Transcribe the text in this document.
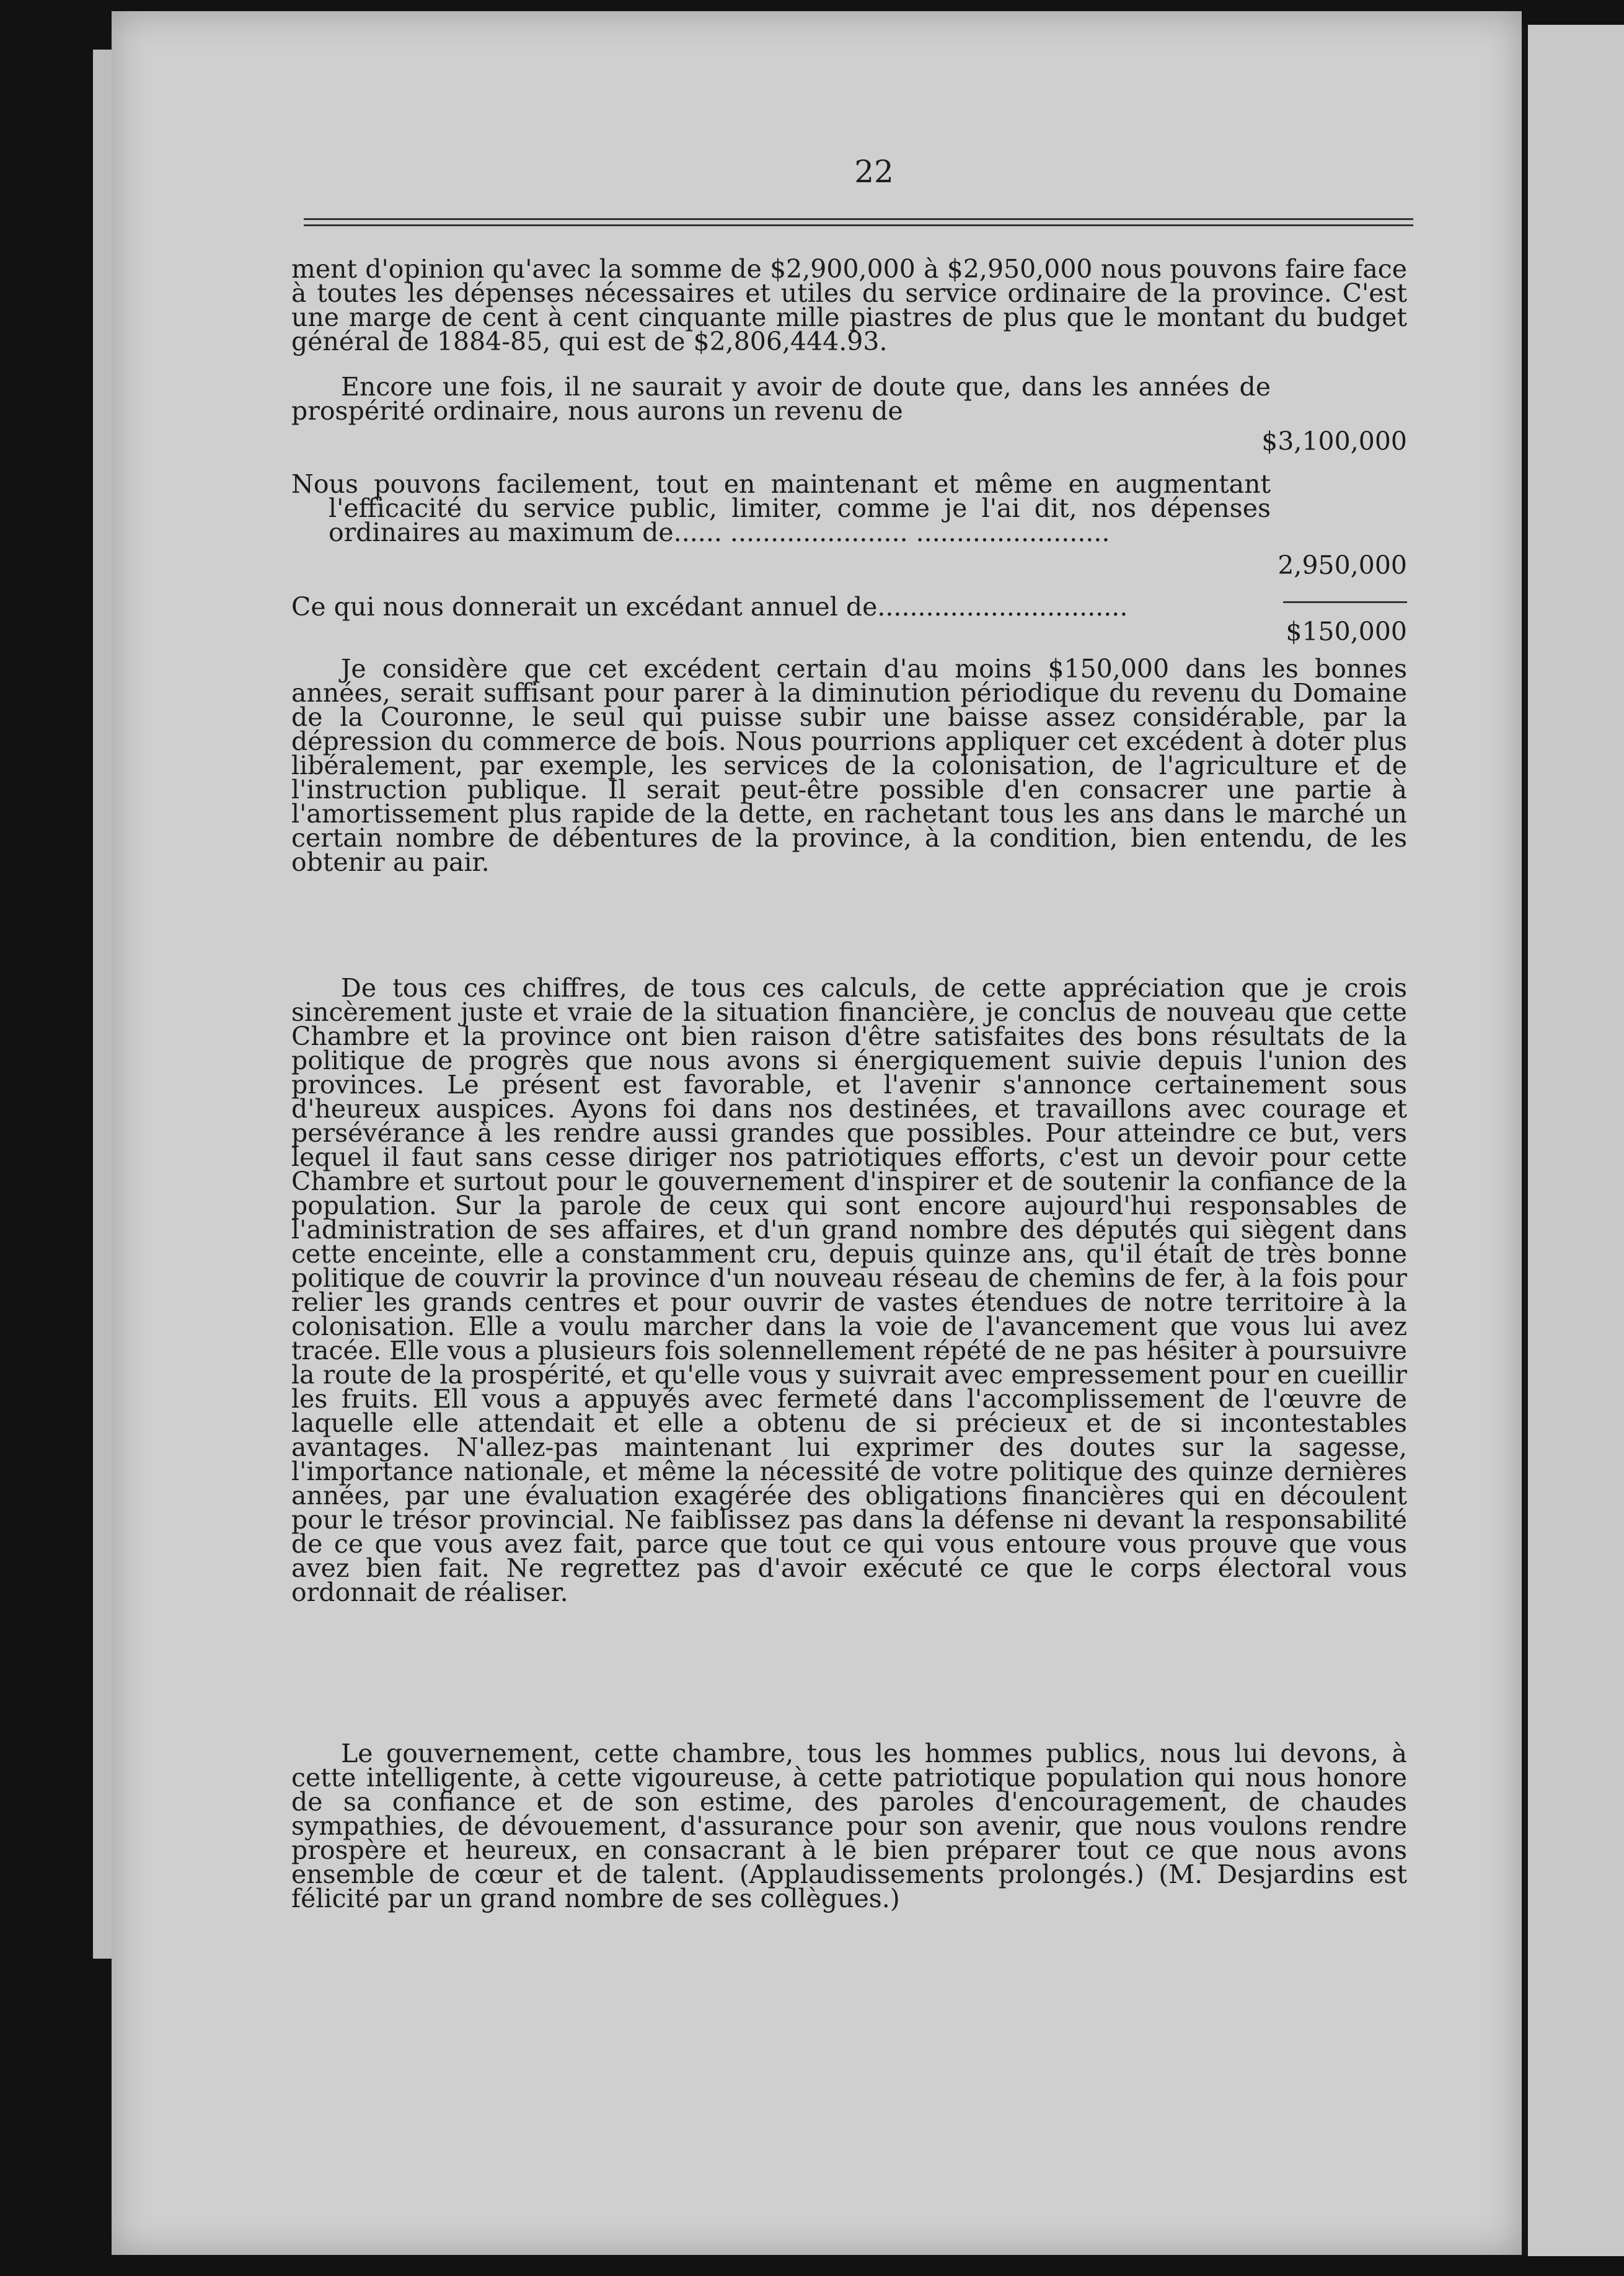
22

ment d'opinion qu'avec la somme de $2,900,000 à $2,950,000 nous pouvons faire face à toutes les dépenses nécessaires et utiles du service ordinaire de la province. C'est une marge de cent à cent cinquante mille piastres de plus que le montant du budget général de 1884-85, qui est de $2,806,444.93.

Encore une fois, il ne saurait y avoir de doute que, dans les années de prospérité ordinaire, nous aurons un revenu de

$3,100,000

Nous pouvons facilement, tout en maintenant et même en augmentant l'efficacité du service public, limiter, comme je l'ai dit, nos dépenses ordinaires au maximum de...... ...................... ........................

2,950,000

Ce qui nous donnerait un excédant annuel de...............................

$150,000

Je considère que cet excédent certain d'au moins $150,000 dans les bonnes années, serait suffisant pour parer à la diminution périodique du revenu du Domaine de la Couronne, le seul qui puisse subir une baisse assez considérable, par la dépression du commerce de bois. Nous pourrions appliquer cet excédent à doter plus libéralement, par exemple, les services de la colonisation, de l'agriculture et de l'instruction publique. Il serait peut-être possible d'en consacrer une partie à l'amortissement plus rapide de la dette, en rachetant tous les ans dans le marché un certain nombre de débentures de la province, à la condition, bien entendu, de les obtenir au pair.

De tous ces chiffres, de tous ces calculs, de cette appréciation que je crois sincèrement juste et vraie de la situation financière, je conclus de nouveau que cette Chambre et la province ont bien raison d'être satisfaites des bons résultats de la politique de progrès que nous avons si énergiquement suivie depuis l'union des provinces. Le présent est favorable, et l'avenir s'annonce certainement sous d'heureux auspices. Ayons foi dans nos destinées, et travaillons avec courage et persévérance à les rendre aussi grandes que possibles. Pour atteindre ce but, vers lequel il faut sans cesse diriger nos patriotiques efforts, c'est un devoir pour cette Chambre et surtout pour le gouvernement d'inspirer et de soutenir la confiance de la population. Sur la parole de ceux qui sont encore aujourd'hui responsables de l'administration de ses affaires, et d'un grand nombre des députés qui siègent dans cette enceinte, elle a constamment cru, depuis quinze ans, qu'il était de très bonne politique de couvrir la province d'un nouveau réseau de chemins de fer, à la fois pour relier les grands centres et pour ouvrir de vastes étendues de notre territoire à la colonisation. Elle a voulu marcher dans la voie de l'avancement que vous lui avez tracée. Elle vous a plusieurs fois solennellement répété de ne pas hésiter à poursuivre la route de la prospérité, et qu'elle vous y suivrait avec empressement pour en cueillir les fruits. Ell vous a appuyés avec fermeté dans l'accomplissement de l'œuvre de laquelle elle attendait et elle a obtenu de si précieux et de si incontestables avantages. N'allez-pas maintenant lui exprimer des doutes sur la sagesse, l'importance nationale, et même la nécessité de votre politique des quinze dernières années, par une évaluation exagérée des obligations financières qui en découlent pour le trésor provincial. Ne faiblissez pas dans la défense ni devant la responsabilité de ce que vous avez fait, parce que tout ce qui vous entoure vous prouve que vous avez bien fait. Ne regrettez pas d'avoir exécuté ce que le corps électoral vous ordonnait de réaliser.

Le gouvernement, cette chambre, tous les hommes publics, nous lui devons, à cette intelligente, à cette vigoureuse, à cette patriotique population qui nous honore de sa confiance et de son estime, des paroles d'encouragement, de chaudes sympathies, de dévouement, d'assurance pour son avenir, que nous voulons rendre prospère et heureux, en consacrant à le bien préparer tout ce que nous avons ensemble de cœur et de talent. (Applaudissements prolongés.) (M. Desjardins est félicité par un grand nombre de ses collègues.)
